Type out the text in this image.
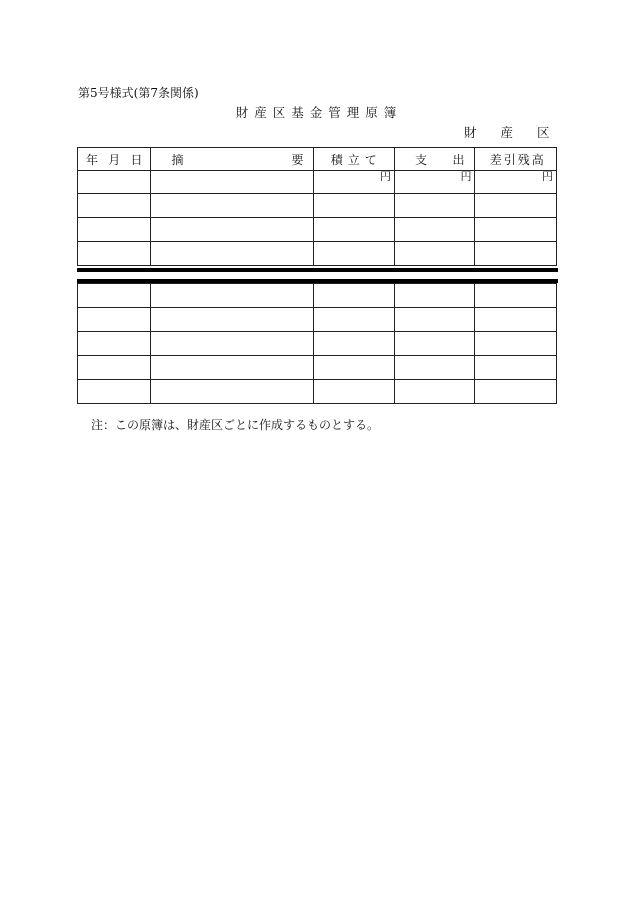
第5号様式(第7条関係)
財産区基金管理原簿
財 産 区
年 月 日	摘 要	積立て	支 出	差引残高

		円	円	円

注：この原簿は、財産区ごとに作成するものとする。
